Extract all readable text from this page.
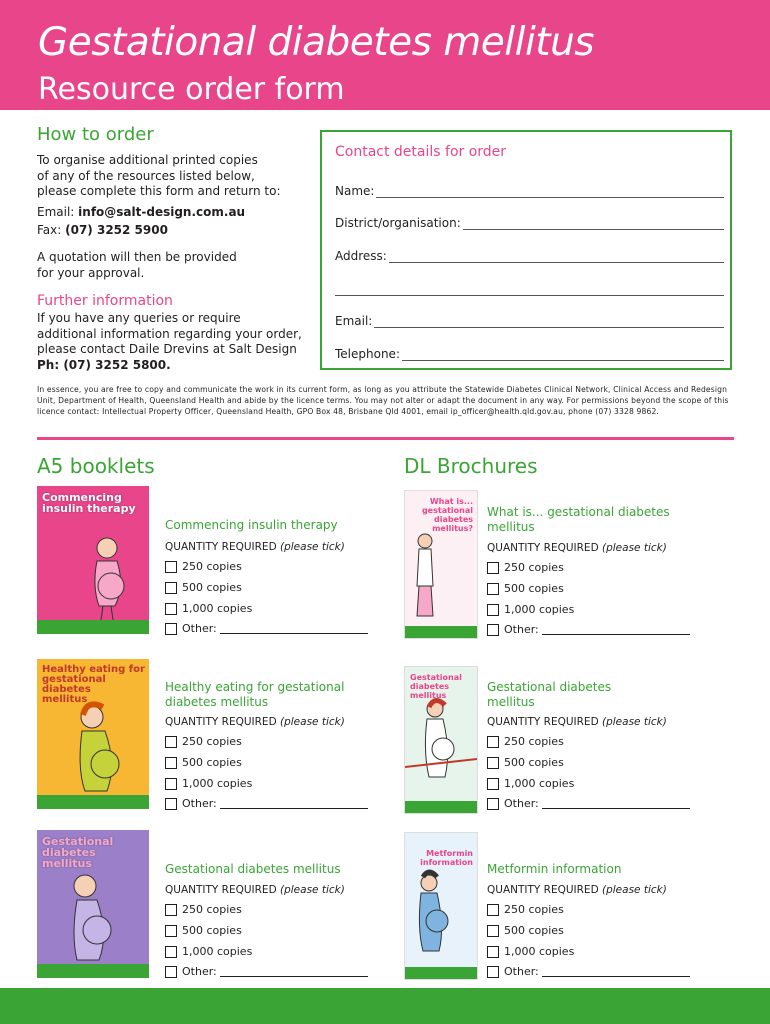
Gestational diabetes mellitus
Resource order form
How to order
To organise additional printed copies
of any of the resources listed below,
please complete this form and return to:
Email: info@salt-design.com.au
Fax: (07) 3252 5900
A quotation will then be provided
for your approval.
Further information
If you have any queries or require
additional information regarding your order,
please contact Daile Drevins at Salt Design
Ph: (07) 3252 5800.
Contact details for order
Name:
District/organisation:
Address:
Email:
Telephone:
In essence, you are free to copy and communicate the work in its current form, as long as you attribute the Statewide Diabetes Clinical Network, Clinical Access and Redesign Unit, Department of Health, Queensland Health and abide by the licence terms. You may not alter or adapt the document in any way. For permissions beyond the scope of this licence contact: Intellectual Property Officer, Queensland Health, GPO Box 48, Brisbane Qld 4001, email ip_officer@health.qld.gov.au, phone (07) 3328 9862.
A5 booklets	DL Brochures
Commencing
insulin therapy
Commencing insulin therapy
QUANTITY REQUIRED (please tick)
250 copies
500 copies
1,000 copies
Other:
What is...
gestational
diabetes
mellitus?
What is... gestational diabetes
mellitus
QUANTITY REQUIRED (please tick)
250 copies
500 copies
1,000 copies
Other:
Healthy eating for
gestational diabetes
mellitus
Healthy eating for gestational
diabetes mellitus
QUANTITY REQUIRED (please tick)
250 copies
500 copies
1,000 copies
Other:
Gestational
diabetes mellitus
Gestational diabetes
mellitus
QUANTITY REQUIRED (please tick)
250 copies
500 copies
1,000 copies
Other:
Gestational
diabetes mellitus	Gestational diabetes mellitus
QUANTITY REQUIRED (please tick)
250 copies
500 copies
1,000 copies
Other:
Metformin
information Metformin information
QUANTITY REQUIRED (please tick)
250 copies
500 copies
1,000 copies
Other:
